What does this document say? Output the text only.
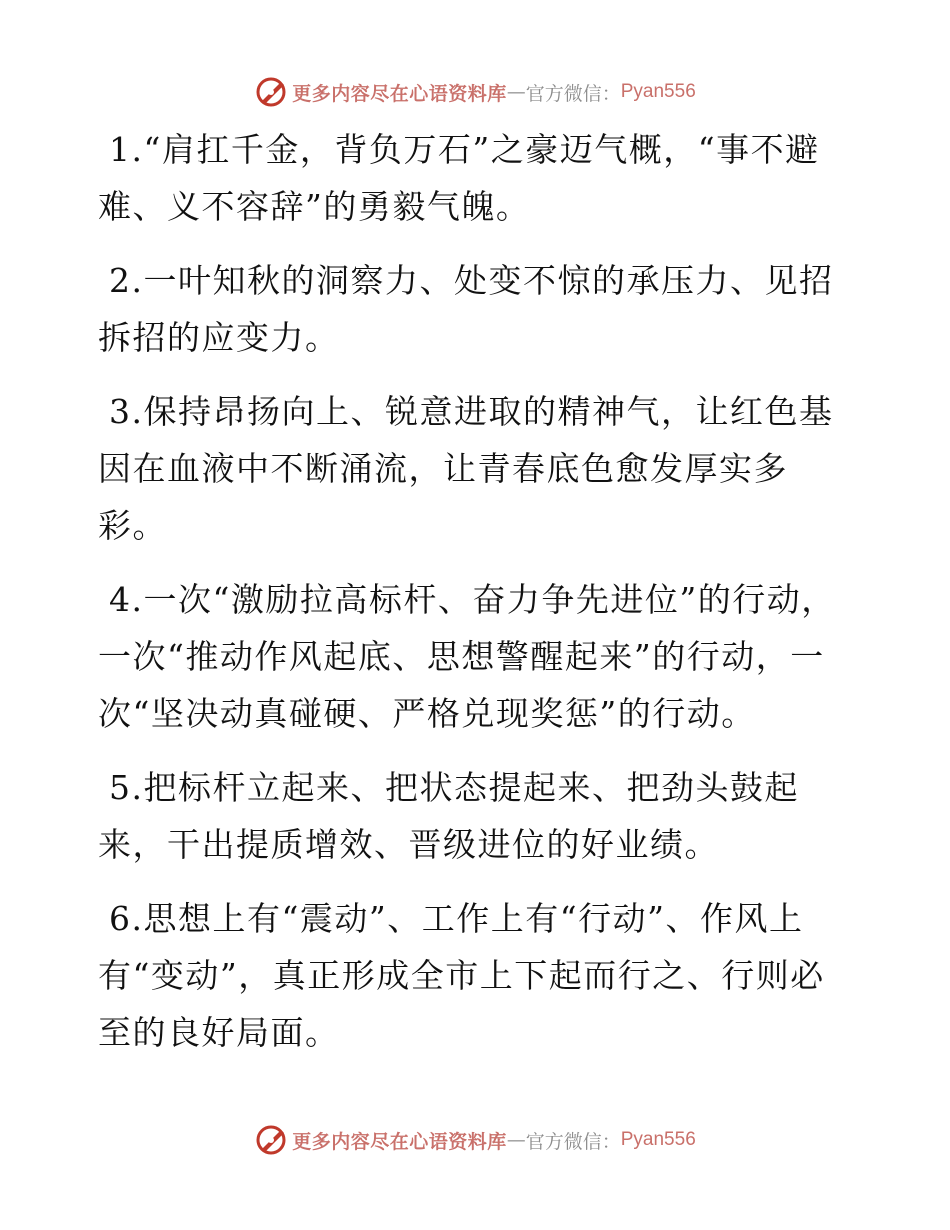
更多内容尽在心语资料库 — 官方微信： Pyan556

1.“肩扛千金，背负万石”之豪迈气概，“事不避难、义不容辞”的勇毅气魄。

2.一叶知秋的洞察力、处变不惊的承压力、见招拆招的应变力。

3.保持昂扬向上、锐意进取的精神气，让红色基因在血液中不断涌流，让青春底色愈发厚实多彩。

4.一次“激励拉高标杆、奋力争先进位”的行动，一次“推动作风起底、思想警醒起来”的行动，一次“坚决动真碰硬、严格兑现奖惩”的行动。

5.把标杆立起来、把状态提起来、把劲头鼓起来，干出提质增效、晋级进位的好业绩。

6.思想上有“震动”、工作上有“行动”、作风上有“变动”，真正形成全市上下起而行之、行则必至的良好局面。

更多内容尽在心语资料库 — 官方微信： Pyan556
